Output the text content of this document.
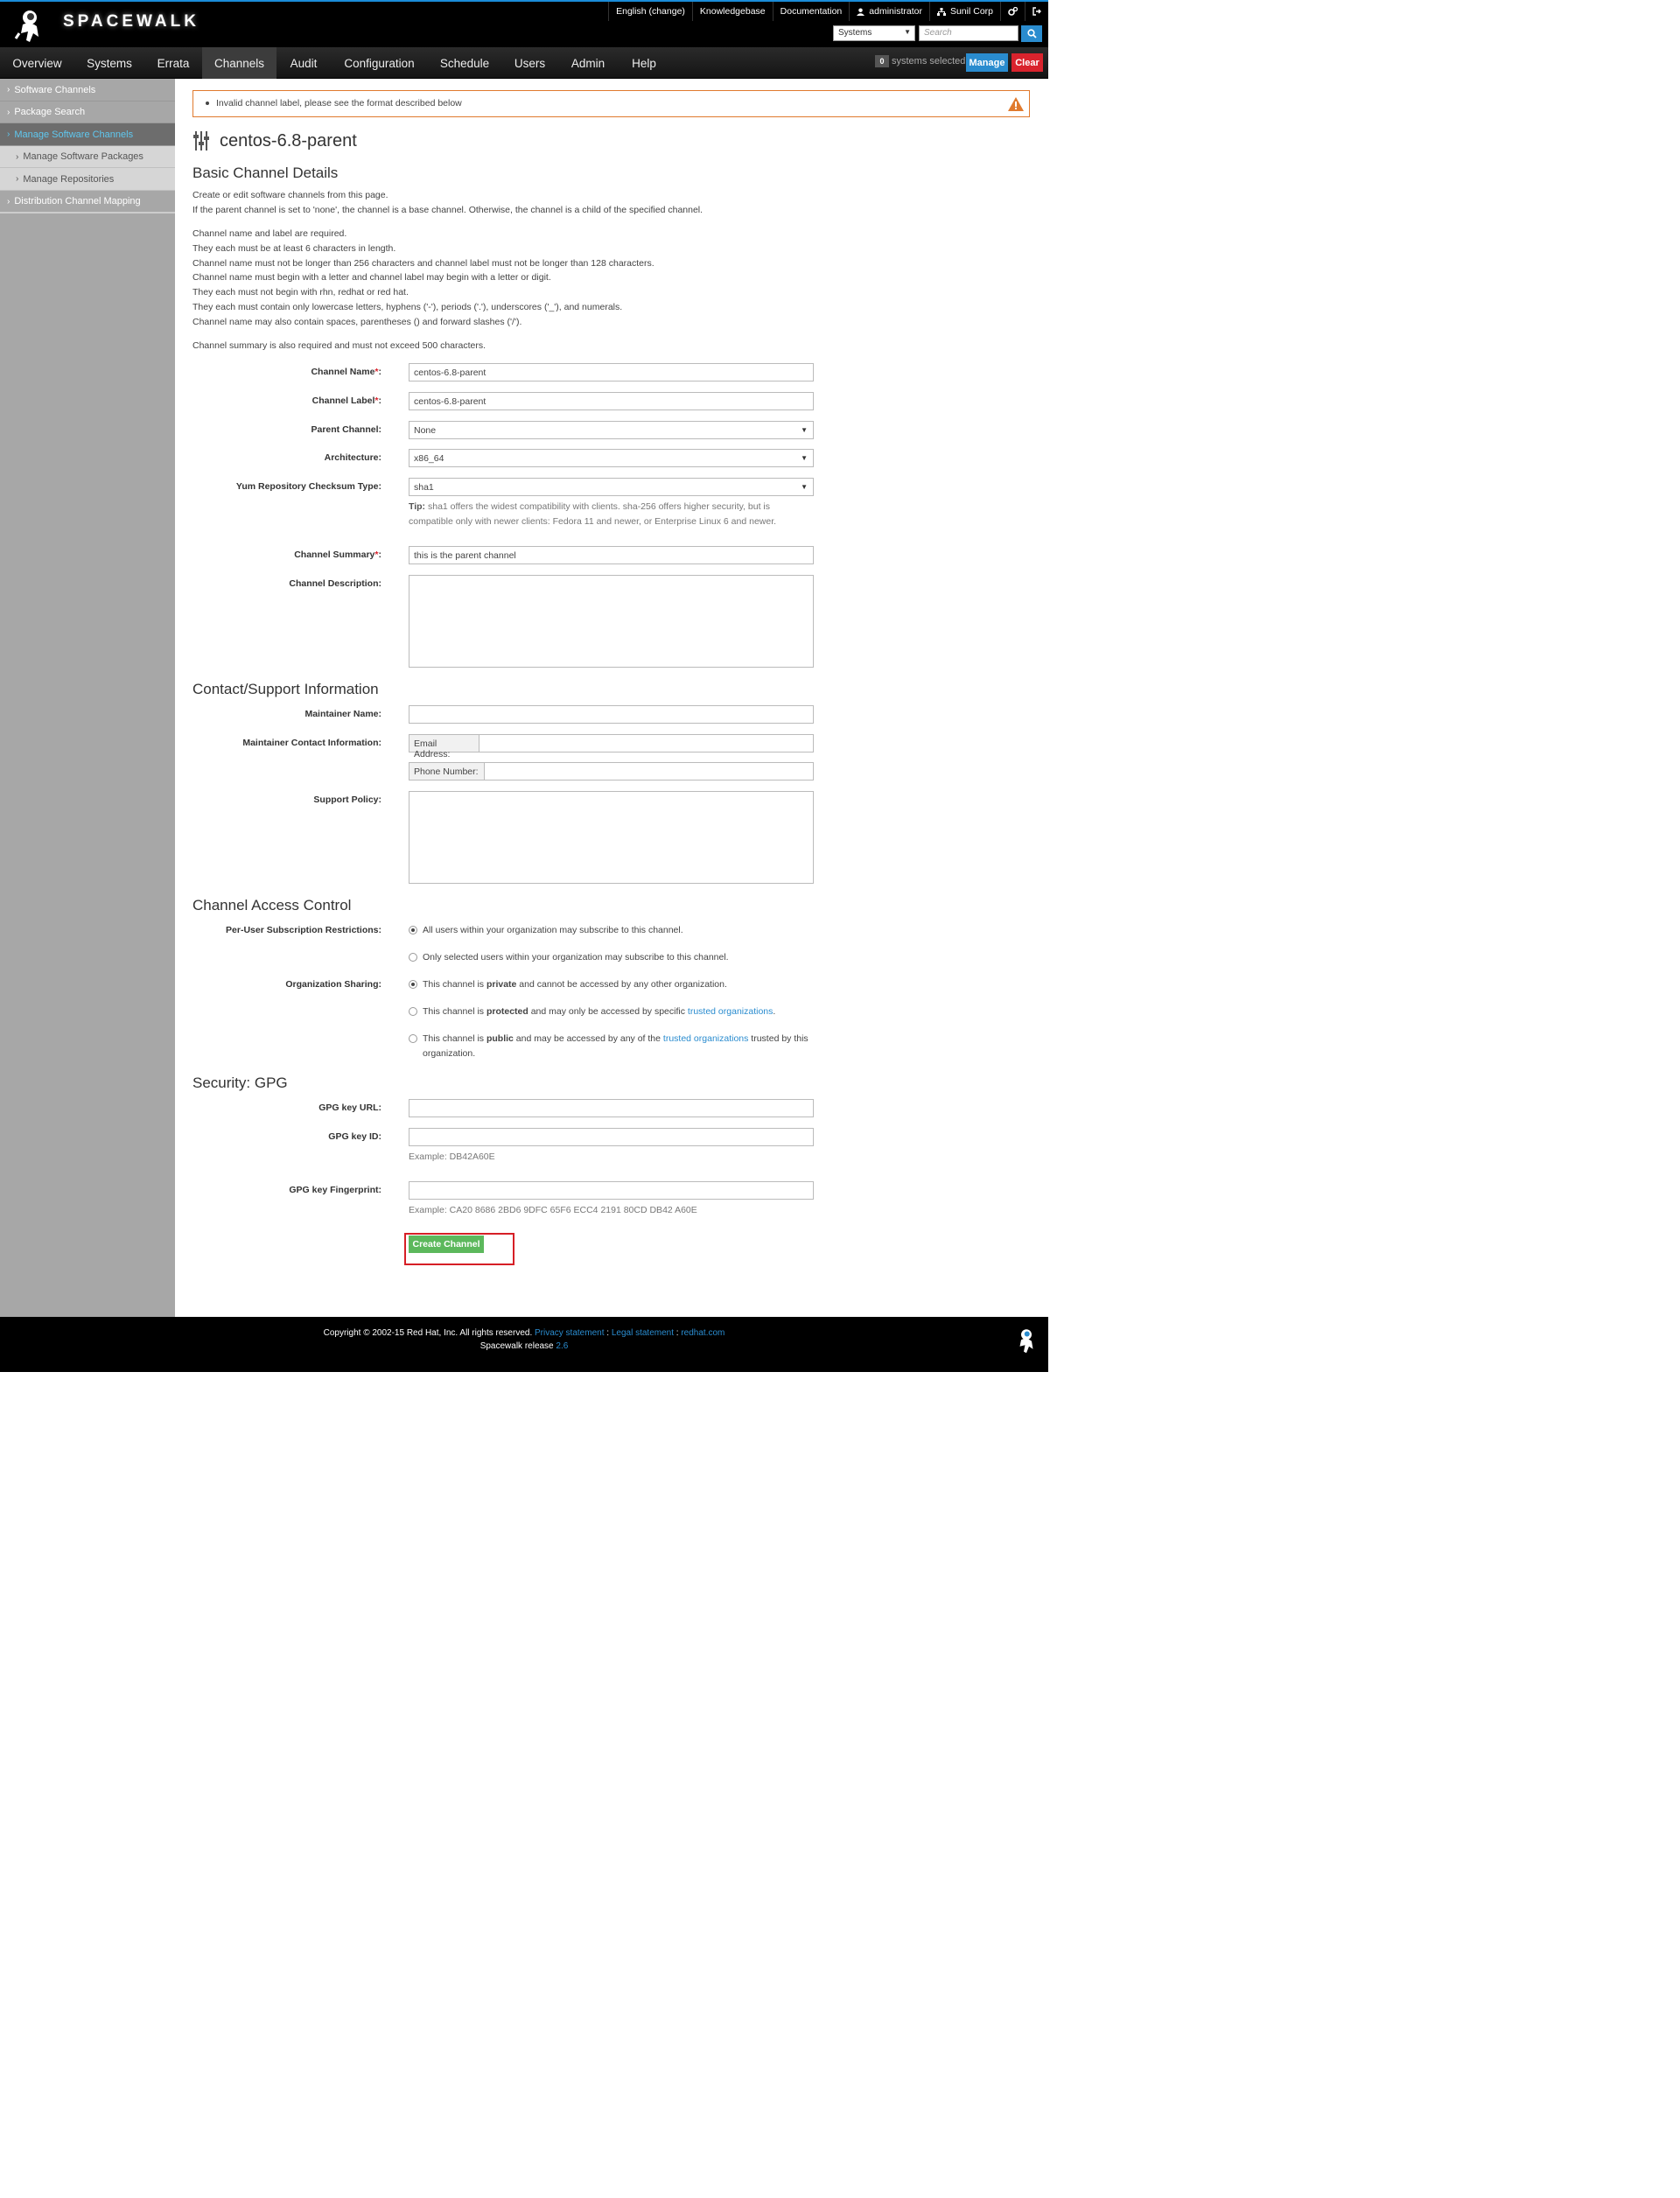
SPACEWALK
English (change)	Knowledgebase	Documentation	administrator	Sunil Corp
Systems	▼	Search
Overview	Systems	Errata	Channels	Audit	Configuration	Schedule	Users	Admin	Help	0 systems selected Manage	Clear
› Software Channels
› Package Search
› Manage Software Channels
› Manage Software Packages
› Manage Repositories
› Distribution Channel Mapping
Invalid channel label, please see the format described below
centos-6.8-parent
Basic Channel Details
Create or edit software channels from this page.
If the parent channel is set to 'none', the channel is a base channel. Otherwise, the channel is a child of the specified channel.
Channel name and label are required.
They each must be at least 6 characters in length.
Channel name must not be longer than 256 characters and channel label must not be longer than 128 characters.
Channel name must begin with a letter and channel label may begin with a letter or digit.
They each must not begin with rhn, redhat or red hat.
They each must contain only lowercase letters, hyphens ('-'), periods ('.'), underscores ('_'), and numerals.
Channel name may also contain spaces, parentheses () and forward slashes ('/').
Channel summary is also required and must not exceed 500 characters.
Channel Name*:	centos-6.8-parent
Channel Label*:	centos-6.8-parent
Parent Channel:	None	▼
Architecture:	x86_64	▼
Yum Repository Checksum Type:	sha1	▼
Tip: sha1 offers the widest compatibility with clients. sha-256 offers higher security, but is
compatible only with newer clients: Fedora 11 and newer, or Enterprise Linux 6 and newer.
Channel Summary*:	this is the parent channel
Channel Description:
Contact/Support Information
Maintainer Name:
Maintainer Contact Information:	Email Address:
Phone Number:
Support Policy:
Channel Access Control
Per-User Subscription Restrictions:	All users within your organization may subscribe to this channel.
Only selected users within your organization may subscribe to this channel.
Organization Sharing:	This channel is private and cannot be accessed by any other organization.
This channel is protected and may only be accessed by specific trusted organizations.
This channel is public and may be accessed by any of the trusted organizations trusted by this
organization.
Security: GPG
GPG key URL:
GPG key ID:
Example: DB42A60E
GPG key Fingerprint:
Example: CA20 8686 2BD6 9DFC 65F6 ECC4 2191 80CD DB42 A60E
Create Channel
Copyright © 2002-15 Red Hat, Inc. All rights reserved. Privacy statement : Legal statement : redhat.com
Spacewalk release 2.6
